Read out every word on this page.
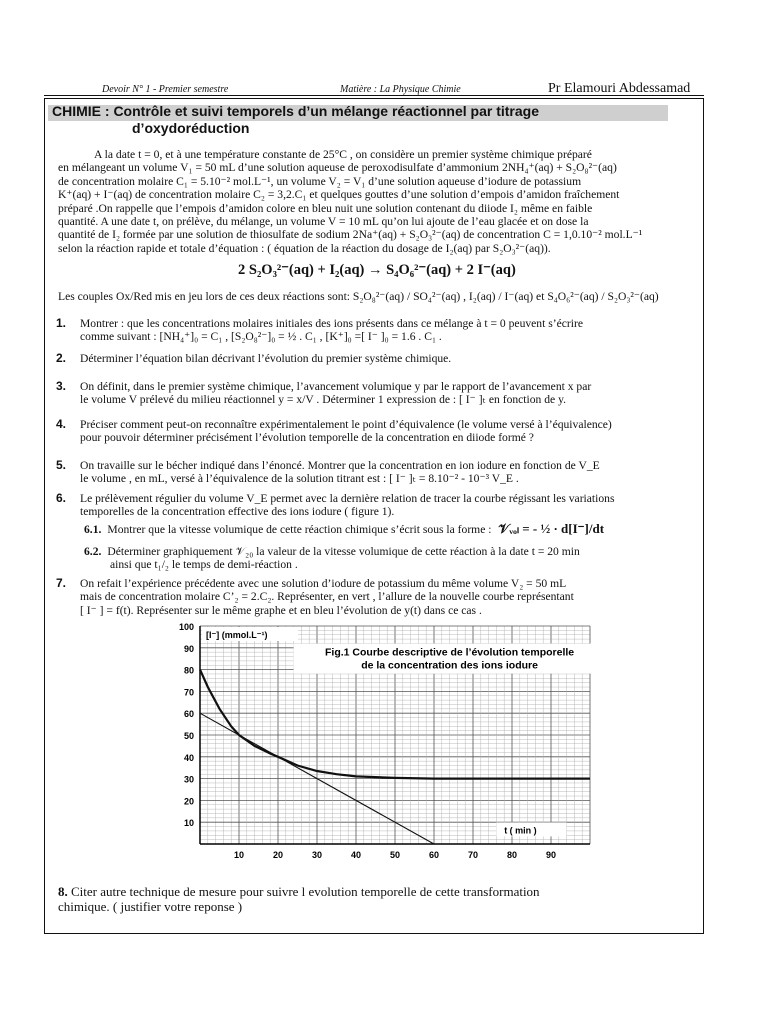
Devoir N° 1 - Premier semestre	Matière : La Physique Chimie	Pr Elamouri Abdessamad
CHIMIE : Contrôle et suivi temporels d’un mélange réactionnel par titrage
d’oxydoréduction
A la date t = 0, et à une température constante de 25°C , on considère un premier système chimique préparé
en mélangeant un volume V₁ = 50 mL d’une solution aqueuse de peroxodisulfate d’ammonium 2NH₄⁺(aq) + S₂O₈²⁻(aq)
de concentration molaire C₁ = 5.10⁻² mol.L⁻¹, un volume V₂ = V₁ d’une solution aqueuse d’iodure de potassium
K⁺(aq) + I⁻(aq) de concentration molaire C₂ = 3,2.C₁ et quelques gouttes d’une solution d’empois d’amidon fraîchement
préparé .On rappelle que l’empois d’amidon colore en bleu nuit une solution contenant du diiode I₂ même en faible
quantité. A une date t, on prélève, du mélange, un volume V = 10 mL qu’on lui ajoute de l’eau glacée et on dose la
quantité de I₂ formée par une solution de thiosulfate de sodium 2Na⁺(aq) + S₂O₃²⁻(aq) de concentration C = 1,0.10⁻² mol.L⁻¹
selon la réaction rapide et totale d’équation : ( équation de la réaction du dosage de I₂(aq) par S₂O₃²⁻(aq)).
2 S₂O₃²⁻(aq) + I₂(aq) → S₄O₆²⁻(aq) + 2 I⁻(aq)
Les couples Ox/Red mis en jeu lors de ces deux réactions sont: S₂O₈²⁻(aq) / SO₄²⁻(aq) , I₂(aq) / I⁻(aq) et S₄O₆²⁻(aq) / S₂O₃²⁻(aq)
1.	Montrer : que les concentrations molaires initiales des ions présents dans ce mélange à t = 0 peuvent s’écrire
comme suivant : [NH₄⁺]₀ = C₁ , [S₂O₈²⁻]₀ = ½ . C₁ , [K⁺]₀ =[ I⁻ ]₀ = 1.6 . C₁ .
2.	Déterminer l’équation bilan décrivant l’évolution du premier système chimique.
3.	On définit, dans le premier système chimique, l’avancement volumique y par le rapport de l’avancement x par
le volume V prélevé du milieu réactionnel y = x/V . Déterminer 1 expression de : [ I⁻ ]ₜ en fonction de y.
4.	Préciser comment peut-on reconnaître expérimentalement le point d’équivalence (le volume versé à l’équivalence)
pour pouvoir déterminer précisément l’évolution temporelle de la concentration en diiode formé ?
5.	On travaille sur le bécher indiqué dans l’énoncé. Montrer que la concentration en ion iodure en fonction de V_E
le volume , en mL, versé à l’équivalence de la solution titrant est : [ I⁻ ]ₜ = 8.10⁻² - 10⁻³ V_E .
6.	Le prélèvement régulier du volume V_E permet avec la dernière relation de tracer la courbe régissant les variations
temporelles de la concentration effective des ions iodure ( figure 1).
6.1. Montrer que la vitesse volumique de cette réaction chimique s’écrit sous la forme : 𝒱ᵥₒₗ = - ½ · d[I⁻]/dt
6.2. Déterminer graphiquement 𝒱₂₀ la valeur de la vitesse volumique de cette réaction à la date t = 20 min
ainsi que t₁/₂ le temps de demi-réaction .
7.	On refait l’expérience précédente avec une solution d’iodure de potassium du même volume V₂ = 50 mL
mais de concentration molaire C’₂ = 2.C₂. Représenter, en vert , l’allure de la nouvelle courbe représentant
[ I⁻ ] = f(t). Représenter sur le même graphe et en bleu l’évolution de y(t) dans ce cas .
10
20
30
40
50
60
70
80
90
100
10	20	30	40	50	60	70	80	90
[I⁻] (mmol.L⁻¹)
t ( min )
Fig.1 Courbe descriptive de l’évolution temporelle
de la concentration des ions iodure
8. Citer autre technique de mesure pour suivre l evolution temporelle de cette transformation
chimique. ( justifier votre reponse )
